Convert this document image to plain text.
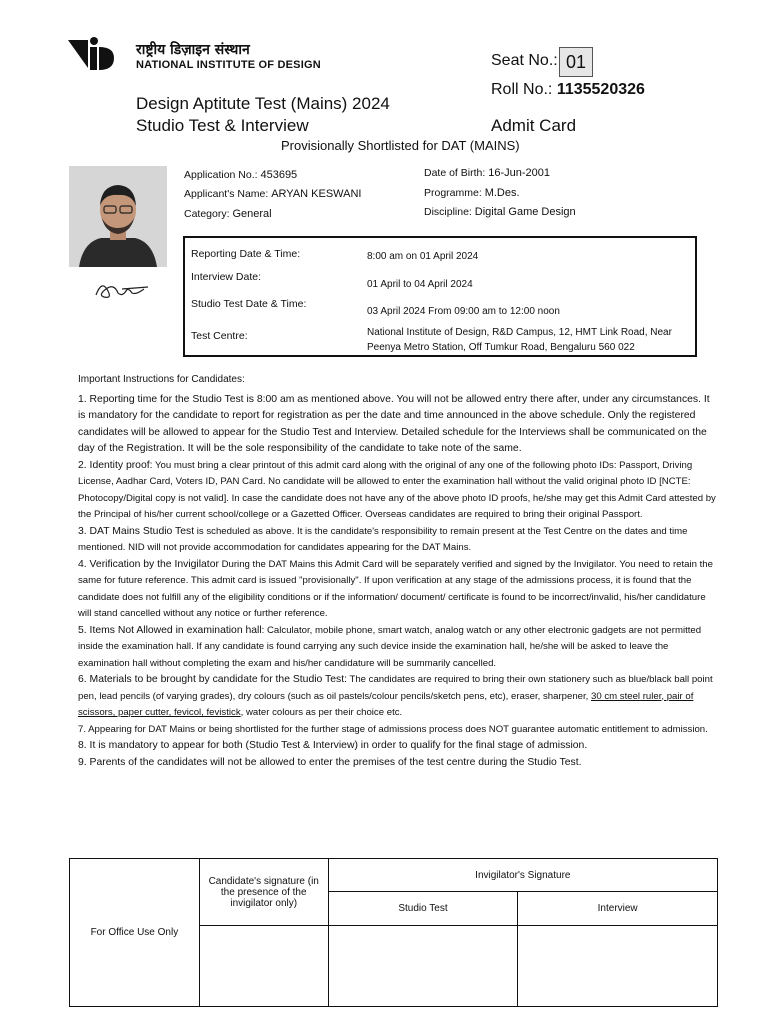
राष्ट्रीय डिज़ाइन संस्थान
NATIONAL INSTITUTE OF DESIGN	Seat No.: 01
Roll No.: 1135520326
Design Aptitute Test (Mains) 2024
Studio Test & Interview	Admit Card
Provisionally Shortlisted for DAT (MAINS)
Application No.: 453695
Applicant's Name: ARYAN KESWANI
Category: General
Date of Birth: 16-Jun-2001
Programme: M.Des.
Discipline: Digital Game Design
Reporting Date & Time:	8:00 am on 01 April 2024
Interview Date:
01 April to 04 April 2024
Studio Test Date & Time:
03 April 2024 From 09:00 am to 12:00 noon
Test Centre:	National Institute of Design, R&D Campus, 12, HMT Link Road, Near
Peenya Metro Station, Off Tumkur Road, Bengaluru 560 022

Important Instructions for Candidates:

1. Reporting time for the Studio Test is 8:00 am as mentioned above. You will not be allowed entry there after, under any circumstances. It is mandatory for the candidate to report for registration as per the date and time announced in the above schedule. Only the registered candidates will be allowed to appear for the Studio Test and Interview. Detailed schedule for the Interviews shall be communicated on the day of the Registration. It will be the sole responsibility of the candidate to take note of the same.

2. Identity proof: You must bring a clear printout of this admit card along with the original of any one of the following photo IDs: Passport, Driving License, Aadhar Card, Voters ID, PAN Card. No candidate will be allowed to enter the examination hall without the valid original photo ID [NCTE: Photocopy/Digital copy is not valid]. In case the candidate does not have any of the above photo ID proofs, he/she may get this Admit Card attested by the Principal of his/her current school/college or a Gazetted Officer. Overseas candidates are required to bring their original Passport.

3. DAT Mains Studio Test is scheduled as above. It is the candidate's responsibility to remain present at the Test Centre on the dates and time mentioned. NID will not provide accommodation for candidates appearing for the DAT Mains.

4. Verification by the Invigilator During the DAT Mains this Admit Card will be separately verified and signed by the Invigilator. You need to retain the same for future reference. This admit card is issued "provisionally". If upon verification at any stage of the admissions process, it is found that the candidate does not fulfill any of the eligibility conditions or if the information/ document/ certificate is found to be incorrect/invalid, his/her candidature will stand cancelled without any notice or further reference.

5. Items Not Allowed in examination hall: Calculator, mobile phone, smart watch, analog watch or any other electronic gadgets are not permitted inside the examination hall. If any candidate is found carrying any such device inside the examination hall, he/she will be asked to leave the examination hall without completing the exam and his/her candidature will be summarily cancelled.

6. Materials to be brought by candidate for the Studio Test: The candidates are required to bring their own stationery such as blue/black ball point pen, lead pencils (of varying grades), dry colours (such as oil pastels/colour pencils/sketch pens, etc), eraser, sharpener, 30 cm steel ruler, pair of scissors, paper cutter, fevicol, fevistick, water colours as per their choice etc.

7. Appearing for DAT Mains or being shortlisted for the further stage of admissions process does NOT guarantee automatic entitlement to admission.

8. It is mandatory to appear for both (Studio Test & Interview) in order to qualify for the final stage of admission.

9. Parents of the candidates will not be allowed to enter the premises of the test centre during the Studio Test.

For Office Use Only	Candidate's signature (in the presence of the invigilator only)	Invigilator's Signature	
		Studio Test	Interview
